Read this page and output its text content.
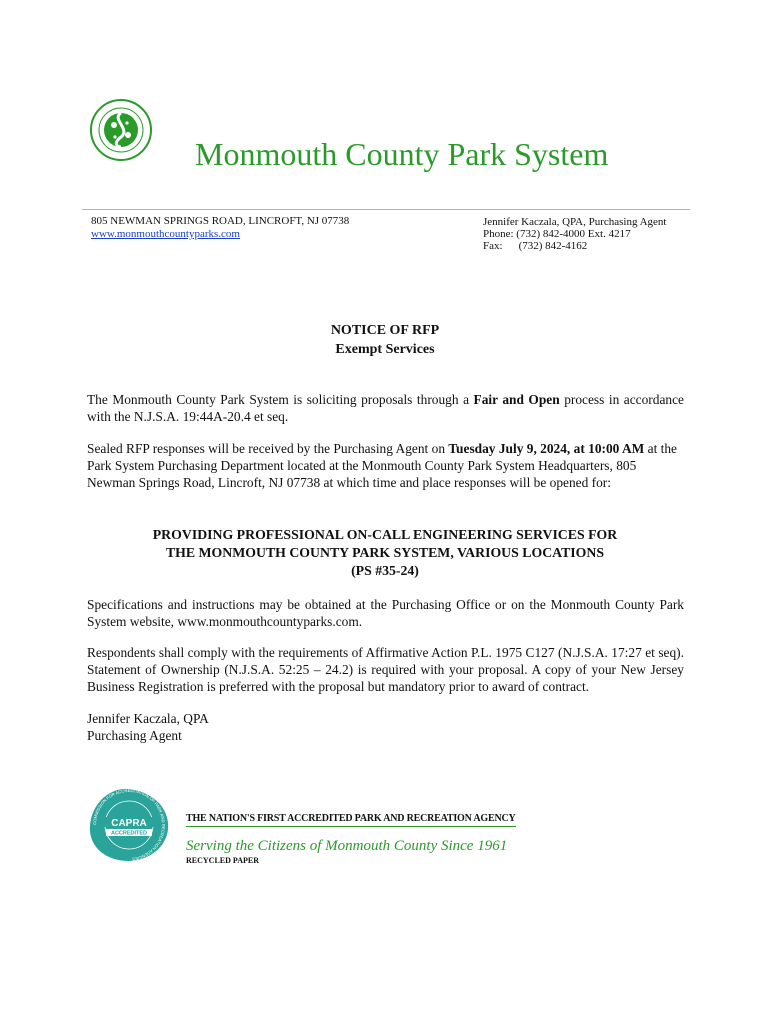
Monmouth County Park System
805 NEWMAN SPRINGS ROAD, LINCROFT, NJ 07738
www.monmouthcountyparks.com
Jennifer Kaczala, QPA, Purchasing Agent
Phone: (732) 842-4000 Ext. 4217
Fax: (732) 842-4162
NOTICE OF RFP
Exempt Services
The Monmouth County Park System is soliciting proposals through a Fair and Open process in accordance with the N.J.S.A. 19:44A-20.4 et seq.
Sealed RFP responses will be received by the Purchasing Agent on Tuesday July 9, 2024, at 10:00 AM at the Park System Purchasing Department located at the Monmouth County Park System Headquarters, 805 Newman Springs Road, Lincroft, NJ 07738 at which time and place responses will be opened for:
PROVIDING PROFESSIONAL ON-CALL ENGINEERING SERVICES FOR
THE MONMOUTH COUNTY PARK SYSTEM, VARIOUS LOCATIONS
(PS #35-24)
Specifications and instructions may be obtained at the Purchasing Office or on the Monmouth County Park System website, www.monmouthcountyparks.com.
Respondents shall comply with the requirements of Affirmative Action P.L. 1975 C127 (N.J.S.A. 17:27 et seq). Statement of Ownership (N.J.S.A. 52:25 – 24.2) is required with your proposal. A copy of your New Jersey Business Registration is preferred with the proposal but mandatory prior to award of contract.
Jennifer Kaczala, QPA
Purchasing Agent
COMMISSION FOR ACCREDITATION OF PARK AND RECREATION AGENCIES
CAPRA
ACCREDITED
THE NATION'S FIRST ACCREDITED PARK AND RECREATION AGENCY
Serving the Citizens of Monmouth County Since 1961
RECYCLED PAPER
